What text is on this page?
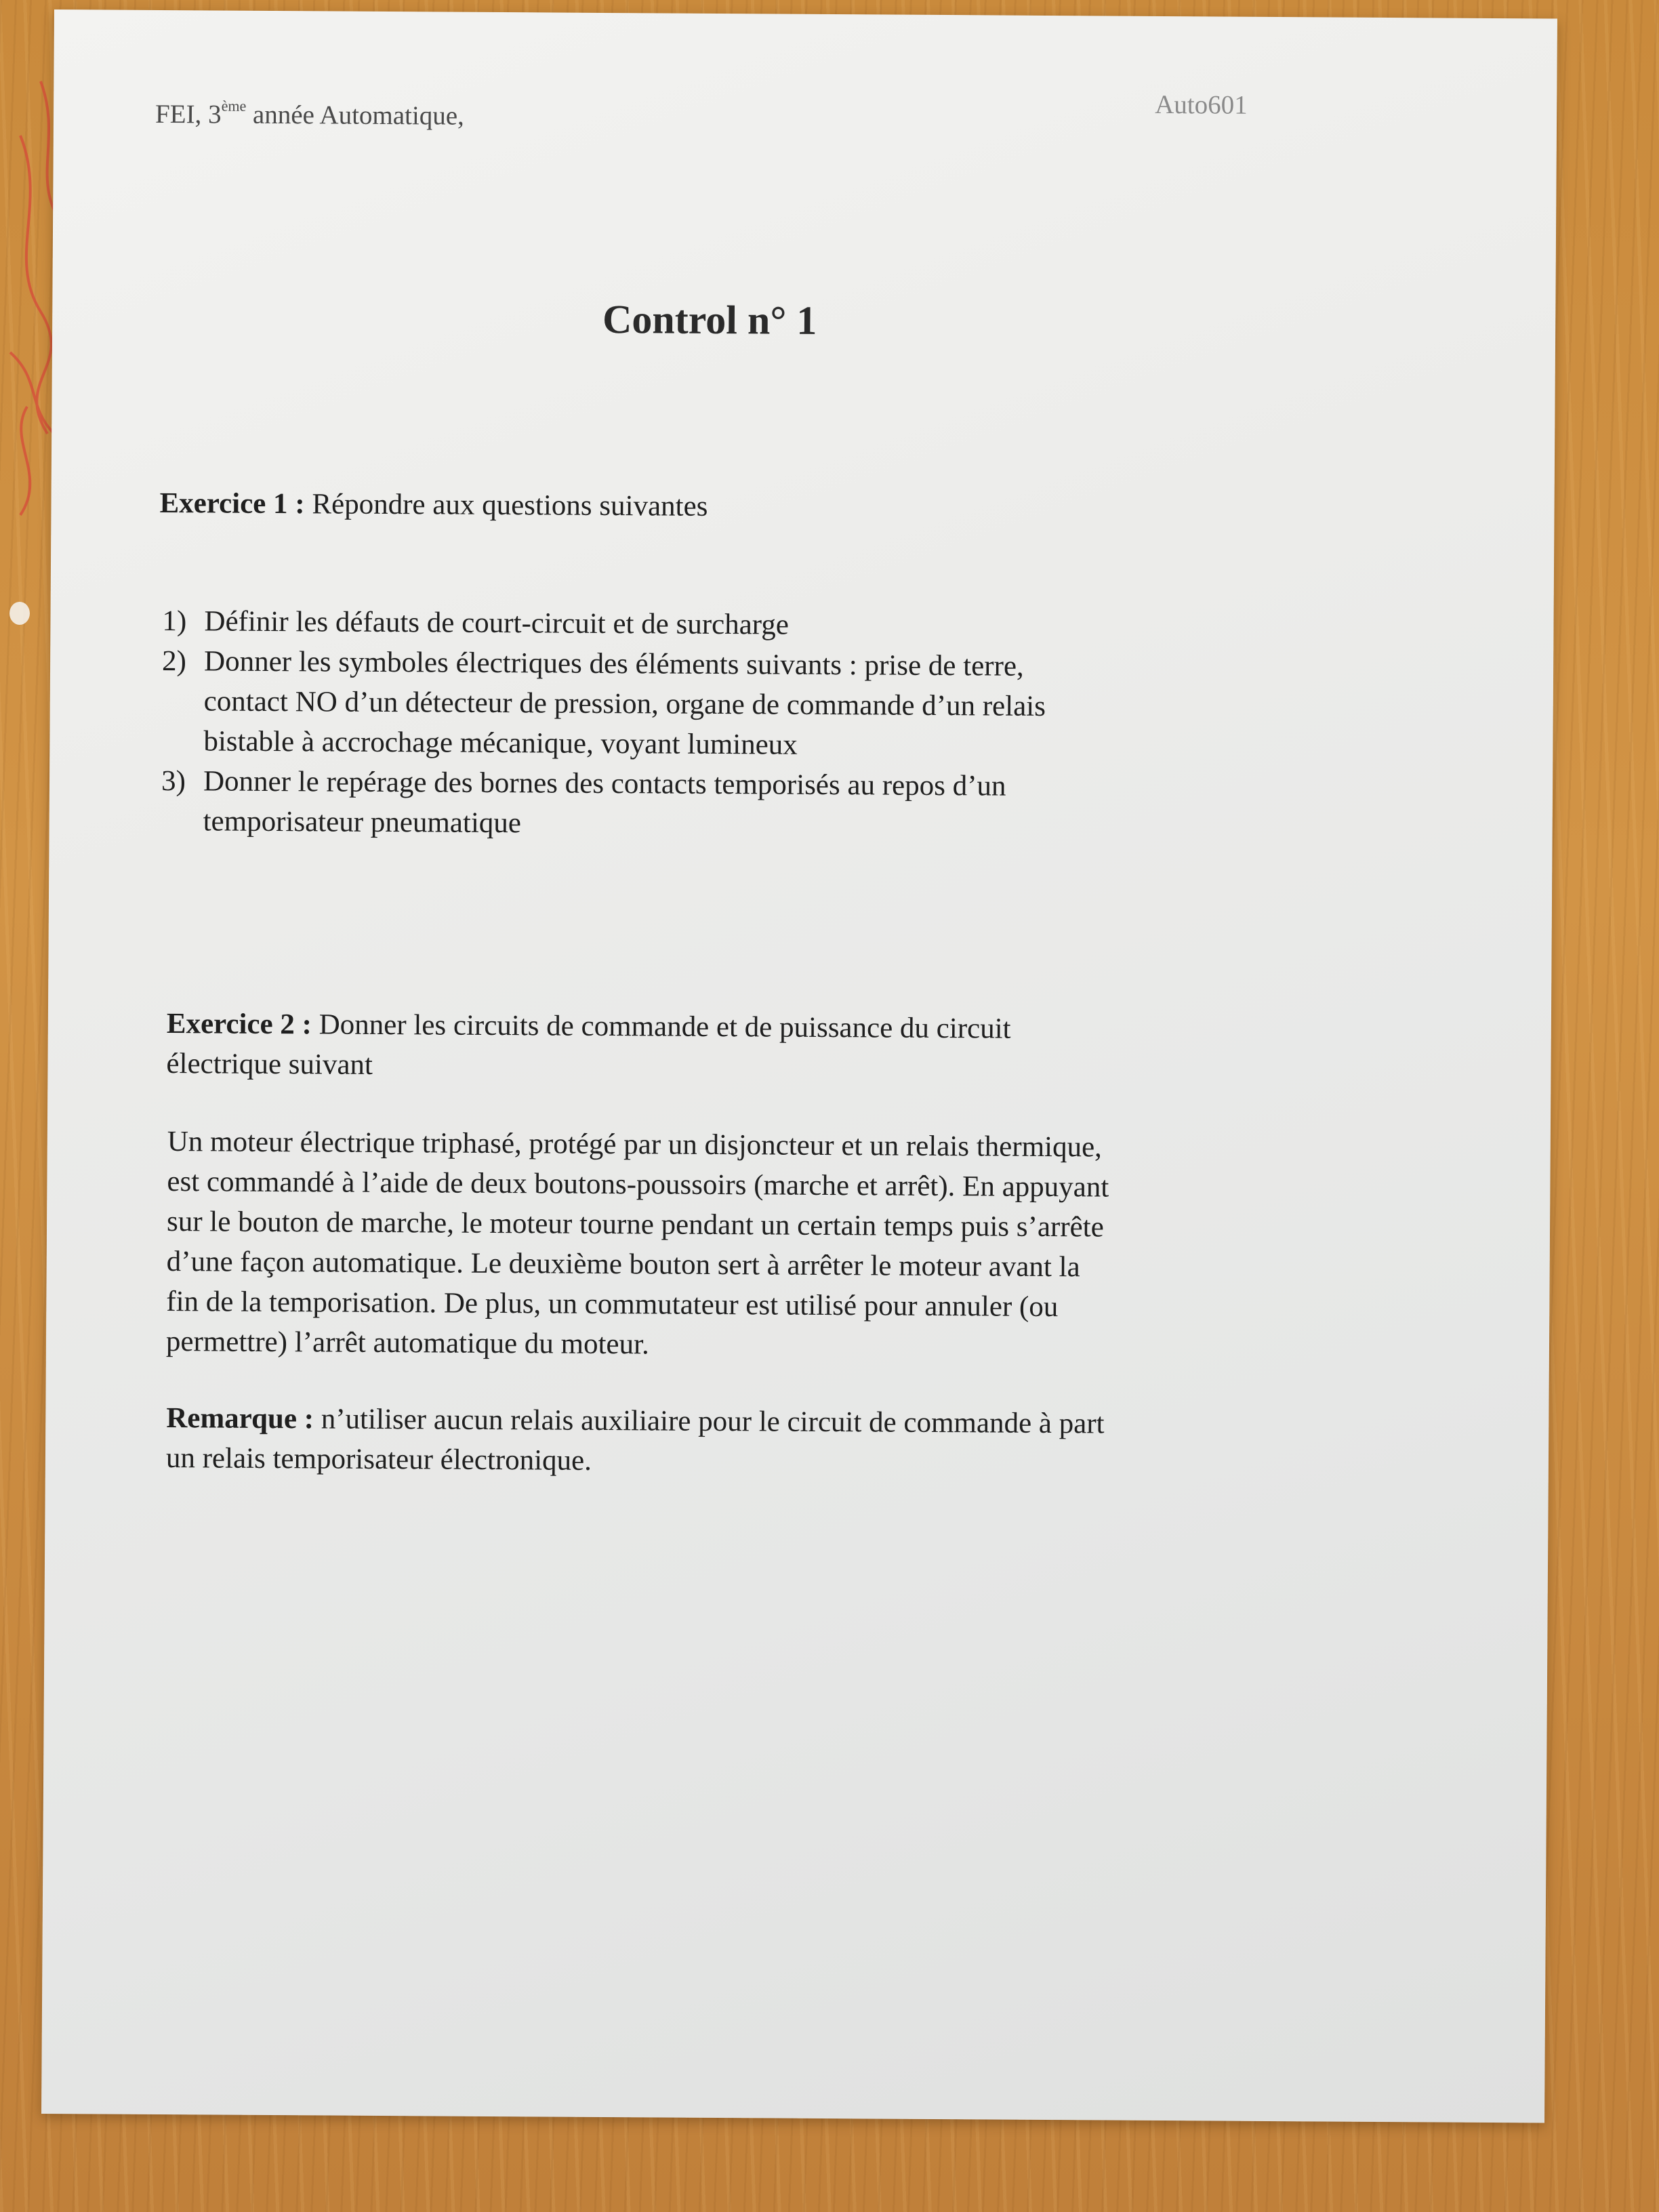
FEI, 3ème année Automatique,	Auto601
Control n° 1
Exercice 1 : Répondre aux questions suivantes
1) Définir les défauts de court-circuit et de surcharge
2) Donner les symboles électriques des éléments suivants : prise de terre,
contact NO d’un détecteur de pression, organe de commande d’un relais
bistable à accrochage mécanique, voyant lumineux
3) Donner le repérage des bornes des contacts temporisés au repos d’un
temporisateur pneumatique
Exercice 2 : Donner les circuits de commande et de puissance du circuit
électrique suivant
Un moteur électrique triphasé, protégé par un disjoncteur et un relais thermique,
est commandé à l’aide de deux boutons-poussoirs (marche et arrêt). En appuyant
sur le bouton de marche, le moteur tourne pendant un certain temps puis s’arrête
d’une façon automatique. Le deuxième bouton sert à arrêter le moteur avant la
fin de la temporisation. De plus, un commutateur est utilisé pour annuler (ou
permettre) l’arrêt automatique du moteur.
Remarque : n’utiliser aucun relais auxiliaire pour le circuit de commande à part
un relais temporisateur électronique.
